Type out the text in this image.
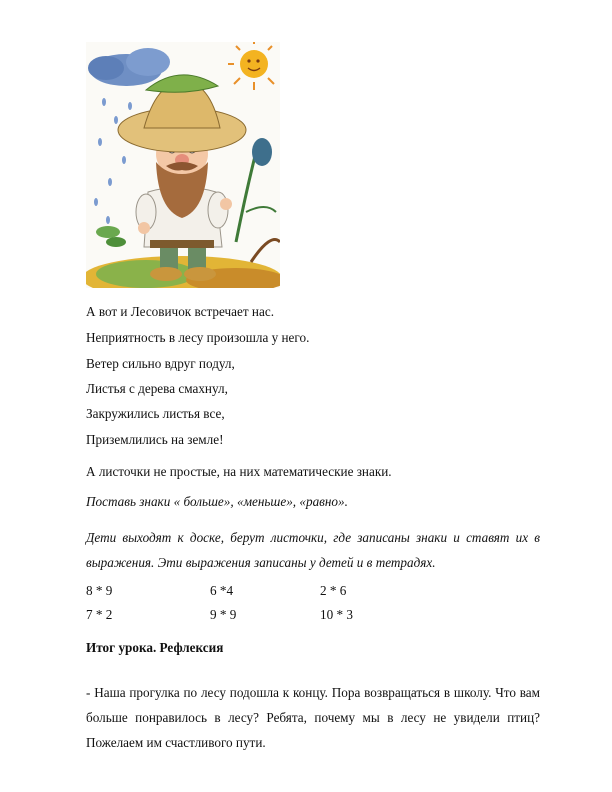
А вот и Лесовичок встречает нас.
Неприятность в лесу произошла у него.
Ветер сильно вдруг подул,
Листья с дерева смахнул,
Закружились листья все,
Приземлились на земле!
А листочки не простые, на них математические знаки.
Поставь знаки « больше», «меньше», «равно».
Дети выходят к доске, берут листочки, где записаны знаки и ставят их в выражения. Эти выражения записаны у детей и в тетрадях.
8 * 9	6 *4	2 * 6
7 * 2	9 * 9	10 * 3
Итог урока. Рефлексия
- Наша прогулка по лесу подошла к концу. Пора возвращаться в школу. Что вам больше понравилось в лесу? Ребята, почему мы в лесу не увидели птиц? Пожелаем им счастливого пути.
